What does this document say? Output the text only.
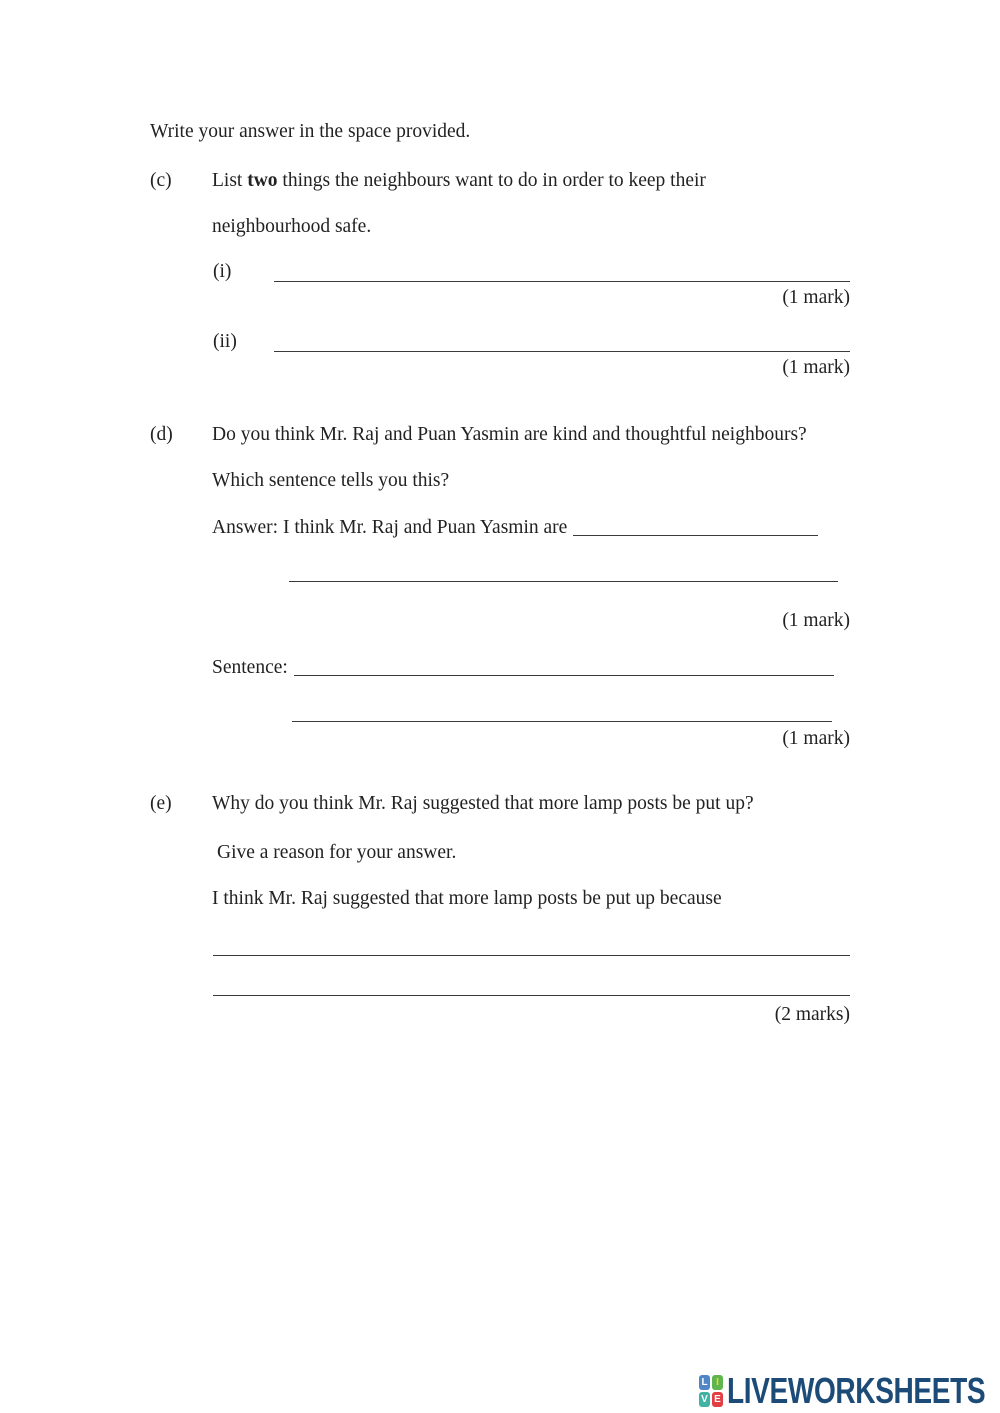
Write your answer in the space provided.
(c) List two things the neighbours want to do in order to keep their
neighbourhood safe.
(i)
(1 mark)
(ii)
(1 mark)
(d) Do you think Mr. Raj and Puan Yasmin are kind and thoughtful neighbours?
Which sentence tells you this?
Answer: I think Mr. Raj and Puan Yasmin are
(1 mark)
Sentence:
(1 mark)
(e) Why do you think Mr. Raj suggested that more lamp posts be put up?
Give a reason for your answer.
I think Mr. Raj suggested that more lamp posts be put up because
(2 marks)
L I
V E LIVEWORKSHEETS
